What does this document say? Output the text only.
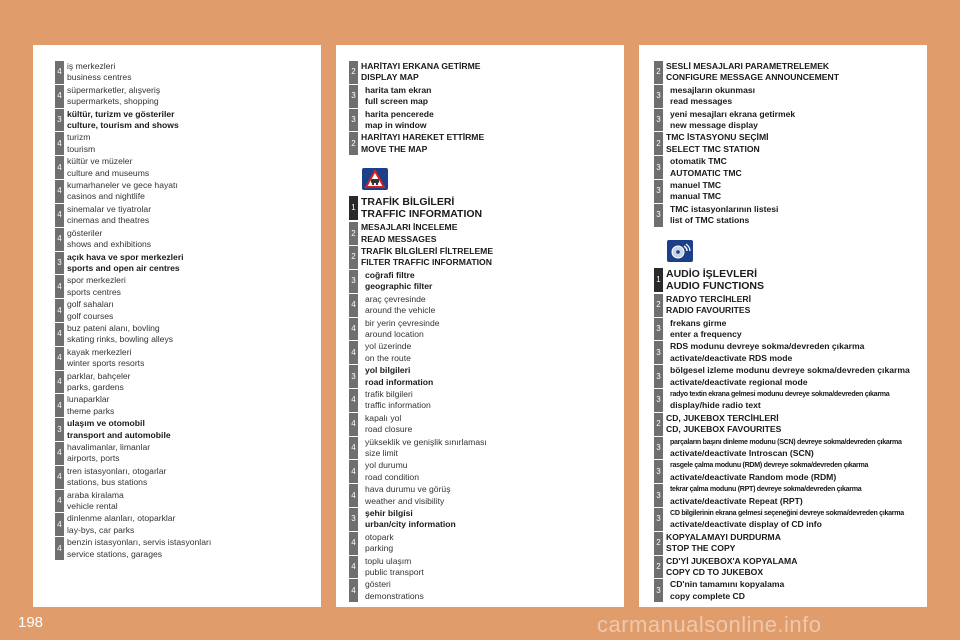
4
iş merkezleri
business centres
4
süpermarketler, alışveriş
supermarkets, shopping
3
kültür, turizm ve gösteriler
culture, tourism and shows
4
turizm
tourism
4
kültür ve müzeler
culture and museums
4
kumarhaneler ve gece hayatı
casinos and nightlife
4
sinemalar ve tiyatrolar
cinemas and theatres
4
gösteriler
shows and exhibitions
3
açık hava ve spor merkezleri
sports and open air centres
4
spor merkezleri
sports centres
4
golf sahaları
golf courses
4
buz pateni alanı, bovling
skating rinks, bowling alleys
4
kayak merkezleri
winter sports resorts
4
parklar, bahçeler
parks, gardens
4
lunaparklar
theme parks
3
ulaşım ve otomobil
transport and automobile
4
havalimanlar, limanlar
airports, ports
4
tren istasyonları, otogarlar
stations, bus stations
4
araba kiralama
vehicle rental
4
dinlenme alanları, otoparklar
lay-bys, car parks
4
benzin istasyonları, servis istasyonları
service stations, garages
2
HARİTAYI ERKANA GETİRME
DISPLAY MAP
3
harita tam ekran
full screen map
3
harita pencerede
map in window
2
HARİTAYI HAREKET ETTİRME
MOVE THE MAP
1 TRAFİK BİLGİLERİ
TRAFFIC INFORMATION
2
MESAJLARI İNCELEME
READ MESSAGES
2
TRAFİK BİLGİLERİ FİLTRELEME
FILTER TRAFFIC INFORMATION
3
coğrafi filtre
geographic filter
4
araç çevresinde
around the vehicle
4
bir yerin çevresinde
around location
4
yol üzerinde
on the route
3
yol bilgileri
road information
4
trafik bilgileri
traffic information
4
kapalı yol
road closure
4
yükseklik ve genişlik sınırlaması
size limit
4
yol durumu
road condition
4
hava durumu ve görüş
weather and visibility
3
şehir bilgisi
urban/city information
4
otopark
parking
4
toplu ulaşım
public transport
4
gösteri
demonstrations
2
SESLİ MESAJLARI PARAMETRELEMEK
CONFIGURE MESSAGE ANNOUNCEMENT
3
mesajların okunması
read messages
3
yeni mesajları ekrana getirmek
new message display
2
TMC İSTASYONU SEÇİMİ
SELECT TMC STATION
3
otomatik TMC
AUTOMATIC TMC
3
manuel TMC
manual TMC
3
TMC istasyonlarının listesi
list of TMC stations
1 AUDİO İŞLEVLERİ
AUDIO FUNCTIONS
2
RADYO TERCİHLERİ
RADIO FAVOURITES
3
frekans girme
enter a frequency
3
RDS modunu devreye sokma/devreden çıkarma
activate/deactivate RDS mode
3
bölgesel izleme modunu devreye sokma/devreden çıkarma
activate/deactivate regional mode
3
radyo textin ekrana gelmesi modunu devreye sokma/devreden çıkarma
display/hide radio text
2
CD, JUKEBOX TERCİHLERİ
CD, JUKEBOX FAVOURITES
3
parçaların başını dinleme modunu (SCN) devreye sokma/devreden çıkarma
activate/deactivate Introscan (SCN)
3
rasgele çalma modunu (RDM) devreye sokma/devreden çıkarma
activate/deactivate Random mode (RDM)
3
tekrar çalma modunu (RPT) devreye sokma/devreden çıkarma
activate/deactivate Repeat (RPT)
3
CD bilgilerinin ekrana gelmesi seçeneğini devreye sokma/devreden çıkarma
activate/deactivate display of CD info
2
KOPYALAMAYI DURDURMA
STOP THE COPY
2
CD'Yİ JUKEBOX'A KOPYALAMA
COPY CD TO JUKEBOX
3
CD'nin tamamını kopyalama
copy complete CD
198	carmanualsonline.info
